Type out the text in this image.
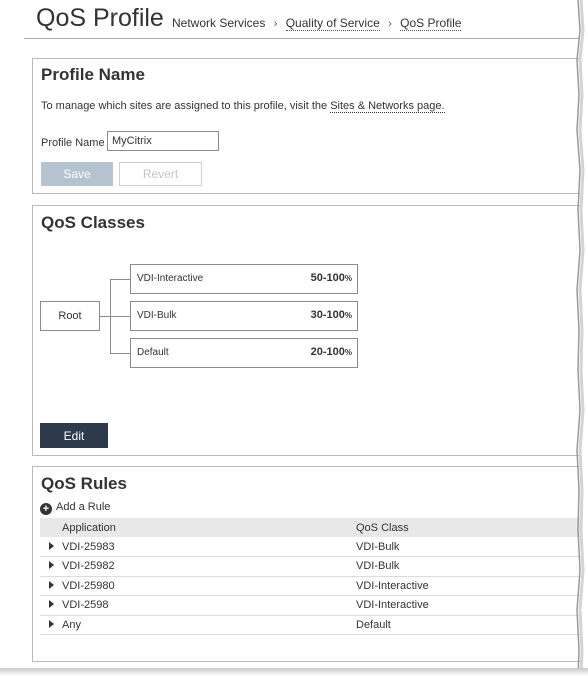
QoS Profile Network Services › Quality of Service › QoS Profile
Profile Name
To manage which sites are assigned to this profile, visit the Sites & Networks page.
Profile Name
MyCitrix
Save	Revert
QoS Classes
Root
VDI-Interactive	50-100%
VDI-Bulk	30-100%
Default	20-100%
Edit
QoS Rules
+ Add a Rule
	Application	QoS Class
	VDI-25983	VDI-Bulk
	VDI-25982	VDI-Bulk
	VDI-25980	VDI-Interactive
	VDI-2598	VDI-Interactive
	Any	Default
